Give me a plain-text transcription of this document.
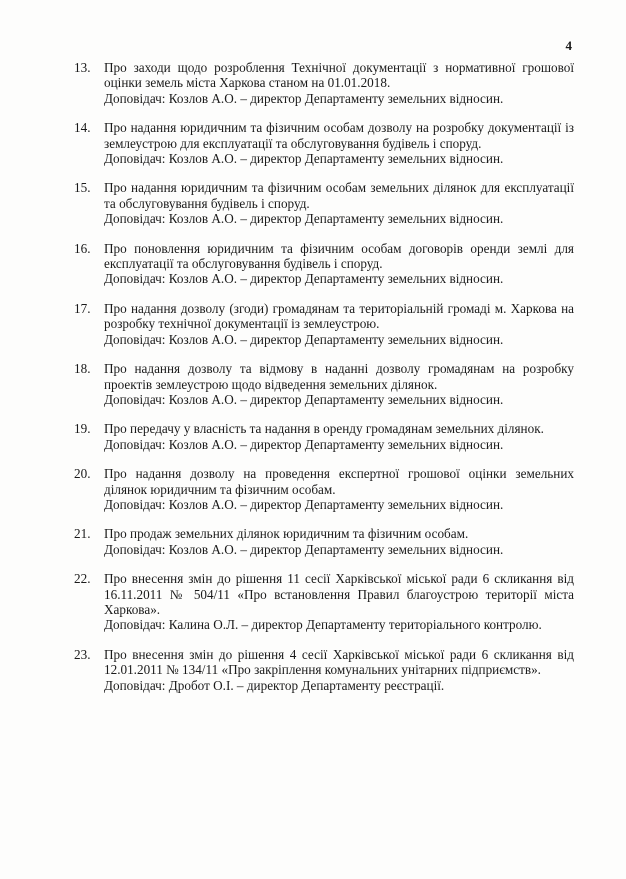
4
13.	Про заходи щодо розроблення Технічної документації з нормативної грошової оцінки земель міста Харкова станом на 01.01.2018.
Доповідач: Козлов А.О. – директор Департаменту земельних відносин.
14.	Про надання юридичним та фізичним особам дозволу на розробку документації із землеустрою для експлуатації та обслуговування будівель і споруд.
Доповідач: Козлов А.О. – директор Департаменту земельних відносин.
15.	Про надання юридичним та фізичним особам земельних ділянок для експлуатації та обслуговування будівель і споруд.
Доповідач: Козлов А.О. – директор Департаменту земельних відносин.
16.	Про поновлення юридичним та фізичним особам договорів оренди землі для експлуатації та обслуговування будівель і споруд.
Доповідач: Козлов А.О. – директор Департаменту земельних відносин.
17.	Про надання дозволу (згоди) громадянам та територіальній громаді м. Харкова на розробку технічної документації із землеустрою.
Доповідач: Козлов А.О. – директор Департаменту земельних відносин.
18.	Про надання дозволу та відмову в наданні дозволу громадянам на розробку проектів землеустрою щодо відведення земельних ділянок.
Доповідач: Козлов А.О. – директор Департаменту земельних відносин.
19.	Про передачу у власність та надання в оренду громадянам земельних ділянок.
Доповідач: Козлов А.О. – директор Департаменту земельних відносин.
20.	Про надання дозволу на проведення експертної грошової оцінки земельних ділянок юридичним та фізичним особам.
Доповідач: Козлов А.О. – директор Департаменту земельних відносин.
21.	Про продаж земельних ділянок юридичним та фізичним особам.
Доповідач: Козлов А.О. – директор Департаменту земельних відносин.
22.	Про внесення змін до рішення 11 сесії Харківської міської ради 6 скликання від 16.11.2011 № 504/11 «Про встановлення Правил благоустрою території міста Харкова».
Доповідач: Калина О.Л. – директор Департаменту територіального контролю.
23.	Про внесення змін до рішення 4 сесії Харківської міської ради 6 скликання від 12.01.2011 № 134/11 «Про закріплення комунальних унітарних підприємств».
Доповідач: Дробот О.І. – директор Департаменту реєстрації.
